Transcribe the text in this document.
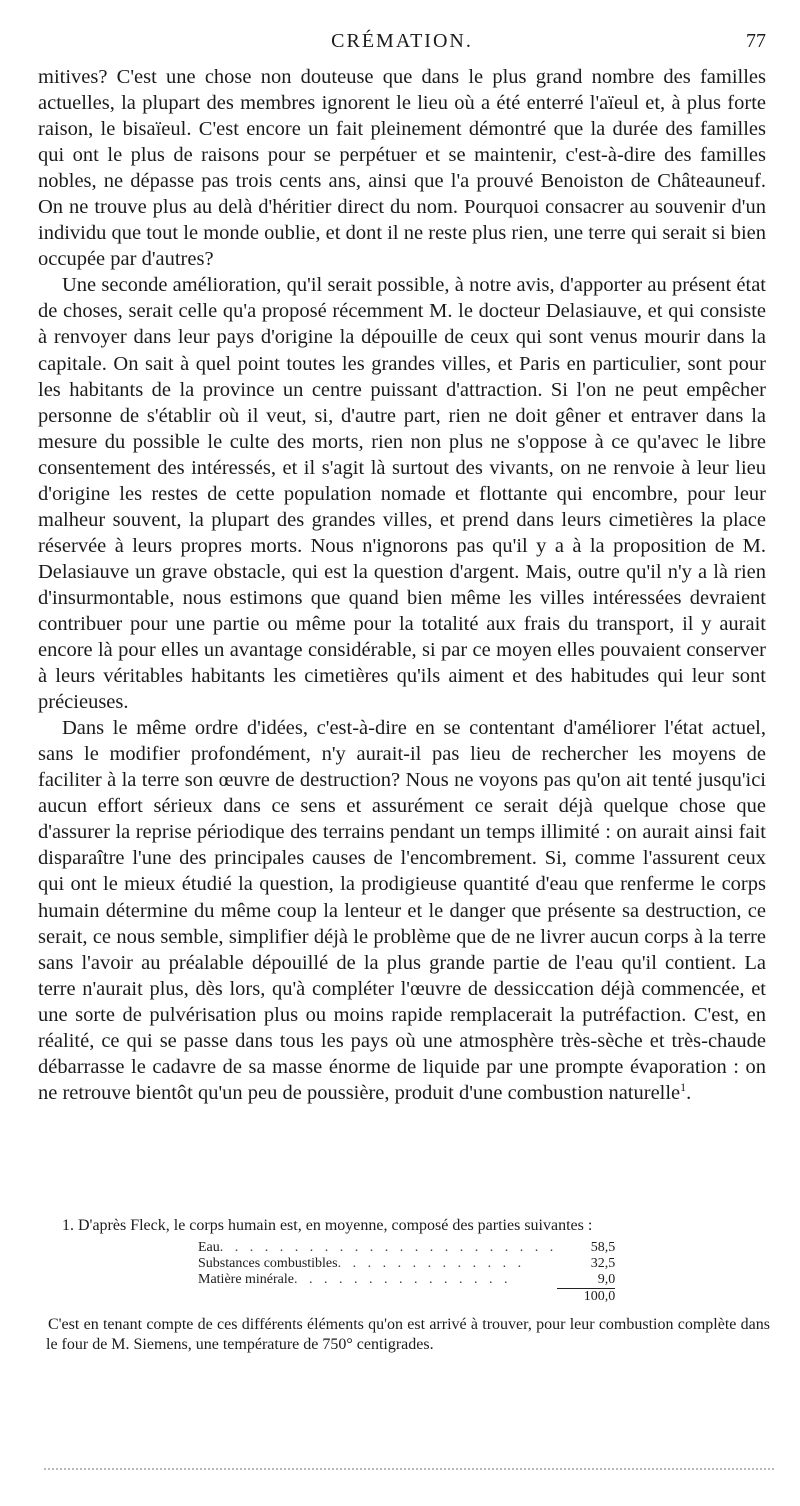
CRÉMATION.	77

mitives? C'est une chose non douteuse que dans le plus grand nombre des familles actuelles, la plupart des membres ignorent le lieu où a été enterré l'aïeul et, à plus forte raison, le bisaïeul. C'est encore un fait pleinement démontré que la durée des familles qui ont le plus de raisons pour se perpétuer et se maintenir, c'est-à-dire des familles nobles, ne dépasse pas trois cents ans, ainsi que l'a prouvé Benoiston de Châteauneuf. On ne trouve plus au delà d'héritier direct du nom. Pourquoi consacrer au souvenir d'un individu que tout le monde oublie, et dont il ne reste plus rien, une terre qui serait si bien occupée par d'autres?

Une seconde amélioration, qu'il serait possible, à notre avis, d'apporter au présent état de choses, serait celle qu'a proposé récemment M. le docteur Delasiauve, et qui consiste à renvoyer dans leur pays d'origine la dépouille de ceux qui sont venus mourir dans la capitale. On sait à quel point toutes les grandes villes, et Paris en particulier, sont pour les habitants de la province un centre puissant d'attraction. Si l'on ne peut empêcher personne de s'établir où il veut, si, d'autre part, rien ne doit gêner et entraver dans la mesure du possible le culte des morts, rien non plus ne s'oppose à ce qu'avec le libre consentement des intéressés, et il s'agit là surtout des vivants, on ne renvoie à leur lieu d'origine les restes de cette population nomade et flottante qui encombre, pour leur malheur souvent, la plupart des grandes villes, et prend dans leurs cimetières la place réservée à leurs propres morts. Nous n'ignorons pas qu'il y a à la proposition de M. Delasiauve un grave obstacle, qui est la question d'argent. Mais, outre qu'il n'y a là rien d'insurmontable, nous estimons que quand bien même les villes intéressées devraient contribuer pour une partie ou même pour la totalité aux frais du transport, il y aurait encore là pour elles un avantage considérable, si par ce moyen elles pouvaient conserver à leurs véritables habitants les cimetières qu'ils aiment et des habitudes qui leur sont précieuses.

Dans le même ordre d'idées, c'est-à-dire en se contentant d'améliorer l'état actuel, sans le modifier profondément, n'y aurait-il pas lieu de rechercher les moyens de faciliter à la terre son œuvre de destruction? Nous ne voyons pas qu'on ait tenté jusqu'ici aucun effort sérieux dans ce sens et assurément ce serait déjà quelque chose que d'assurer la reprise périodique des terrains pendant un temps illimité : on aurait ainsi fait disparaître l'une des principales causes de l'encombrement. Si, comme l'assurent ceux qui ont le mieux étudié la question, la prodigieuse quantité d'eau que renferme le corps humain détermine du même coup la lenteur et le danger que présente sa destruction, ce serait, ce nous semble, simplifier déjà le problème que de ne livrer aucun corps à la terre sans l'avoir au préalable dépouillé de la plus grande partie de l'eau qu'il contient. La terre n'aurait plus, dès lors, qu'à compléter l'œuvre de dessiccation déjà commencée, et une sorte de pulvérisation plus ou moins rapide remplacerait la putréfaction. C'est, en réalité, ce qui se passe dans tous les pays où une atmosphère très-sèche et très-chaude débarrasse le cadavre de sa masse énorme de liquide par une prompte évaporation : on ne retrouve bientôt qu'un peu de poussière, produit d'une combustion naturelle$^1$.

1. D'après Fleck, le corps humain est, en moyenne, composé des parties suivantes :

Eau. . . . . . . . . . . . . . . . . . . . . . .	58,5
Substances combustibles. . . . . . . . . . . . .	32,5
Matière minérale. . . . . . . . . . . . . . .	9,0
	100,0

C'est en tenant compte de ces différents éléments qu'on est arrivé à trouver, pour leur combustion complète dans le four de M. Siemens, une température de 750° centigrades.
